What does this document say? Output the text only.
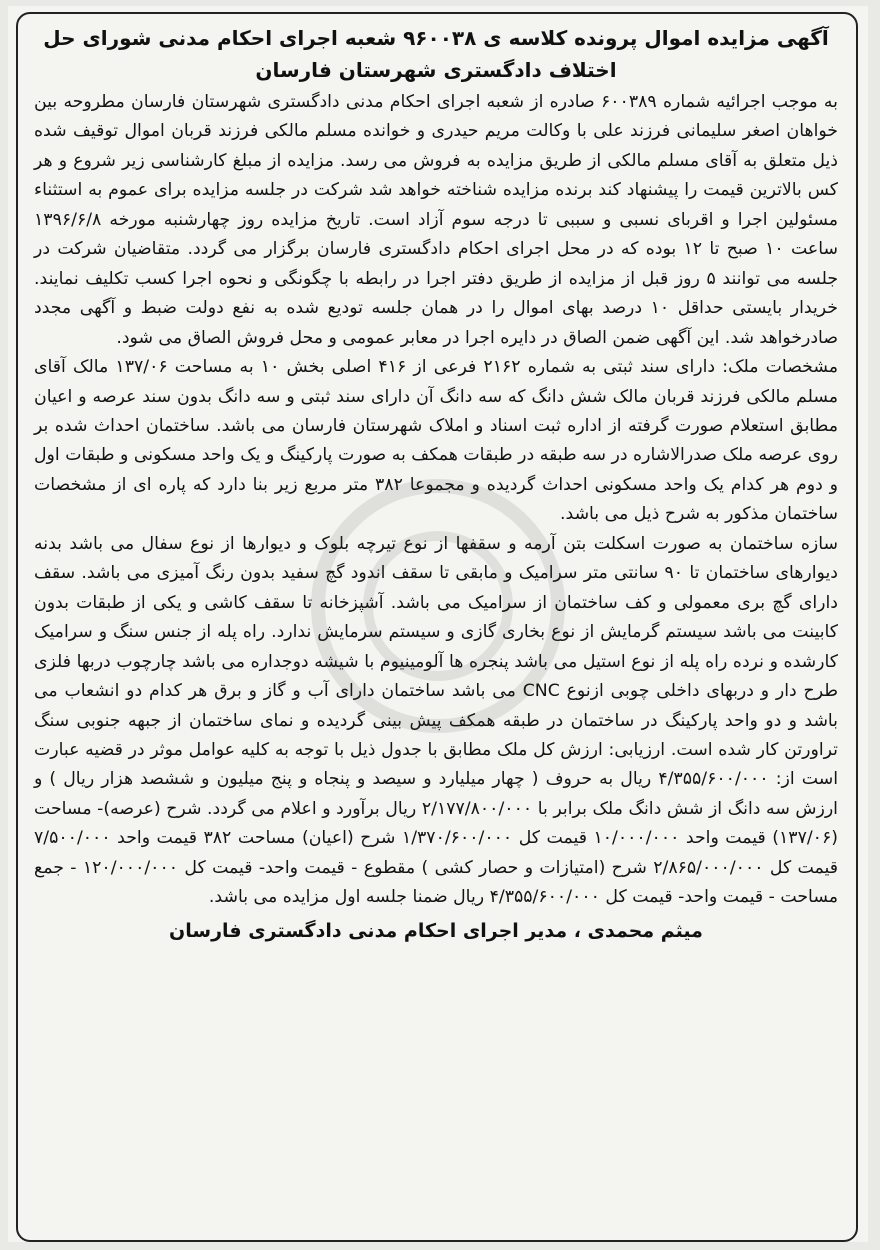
آگهی مزایده اموال پرونده کلاسه ی ۹۶۰۰۳۸ شعبه اجرای احکام مدنی شورای حل اختلاف دادگستری شهرستان فارسان

به موجب اجرائیه شماره ۶۰۰۳۸۹ صادره از شعبه اجرای احکام مدنی دادگستری شهرستان فارسان مطروحه بین خواهان اصغر سلیمانی فرزند علی با وکالت مریم حیدری و خوانده مسلم مالکی فرزند قربان اموال توقیف شده ذیل متعلق به آقای مسلم مالکی از طریق مزایده به فروش می رسد. مزایده از مبلغ کارشناسی زیر شروع و هر کس بالاترین قیمت را پیشنهاد کند برنده مزایده شناخته خواهد شد شرکت در جلسه مزایده برای عموم به استثناء مسئولین اجرا و اقربای نسبی و سببی تا درجه سوم آزاد است. تاریخ مزایده روز چهارشنبه مورخه ۱۳۹۶/۶/۸ ساعت ۱۰ صبح تا ۱۲ بوده که در محل اجرای احکام دادگستری فارسان برگزار می گردد. متقاضیان شرکت در جلسه می توانند ۵ روز قبل از مزایده از طریق دفتر اجرا در رابطه با چگونگی و نحوه اجرا کسب تکلیف نمایند. خریدار بایستی حداقل ۱۰ درصد بهای اموال را در همان جلسه تودیع شده به نفع دولت ضبط و آگهی مجدد صادرخواهد شد. این آگهی ضمن الصاق در دایره اجرا در معابر عمومی و محل فروش الصاق می شود.

مشخصات ملک: دارای سند ثبتی به شماره ۲۱۶۲ فرعی از ۴۱۶ اصلی بخش ۱۰ به مساحت ۱۳۷/۰۶ مالک آقای مسلم مالکی فرزند قربان مالک شش دانگ که سه دانگ آن دارای سند ثبتی و سه دانگ بدون سند عرصه و اعیان مطابق استعلام صورت گرفته از اداره ثبت اسناد و املاک شهرستان فارسان می باشد. ساختمان احداث شده بر روی عرصه ملک صدرالاشاره در سه طبقه در طبقات همکف به صورت پارکینگ و یک واحد مسکونی و طبقات اول و دوم هر کدام یک واحد مسکونی احداث گردیده و مجموعا ۳۸۲ متر مربع زیر بنا دارد که پاره ای از مشخصات ساختمان مذکور به شرح ذیل می باشد.

سازه ساختمان به صورت اسکلت بتن آرمه و سقفها از نوع تیرچه بلوک و دیوارها از نوع سفال می باشد بدنه دیوارهای ساختمان تا ۹۰ سانتی متر سرامیک و مابقی تا سقف اندود گچ سفید بدون رنگ آمیزی می باشد. سقف دارای گچ بری معمولی و کف ساختمان از سرامیک می باشد. آشپزخانه تا سقف کاشی و یکی از طبقات بدون کابینت می باشد سیستم گرمایش از نوع بخاری گازی و سیستم سرمایش ندارد. راه پله از جنس سنگ و سرامیک کارشده و نرده راه پله از نوع استیل می باشد پنجره ها آلومینیوم با شیشه دوجداره می باشد چارچوب دربها فلزی طرح دار و دربهای داخلی چوبی ازنوع CNC می باشد ساختمان دارای آب و گاز و برق هر کدام دو انشعاب می باشد و دو واحد پارکینگ در ساختمان در طبقه همکف پیش بینی گردیده و نمای ساختمان از جبهه جنوبی سنگ تراورتن کار شده است. ارزیابی: ارزش کل ملک مطابق با جدول ذیل با توجه به کلیه عوامل موثر در قضیه عبارت است از: ۴/۳۵۵/۶۰۰/۰۰۰ ریال به حروف ( چهار میلیارد و سیصد و پنجاه و پنج میلیون و ششصد هزار ریال ) و ارزش سه دانگ از شش دانگ ملک برابر با ۲/۱۷۷/۸۰۰/۰۰۰ ریال برآورد و اعلام می گردد. شرح (عرصه)- مساحت (۱۳۷/۰۶) قیمت واحد ۱۰/۰۰۰/۰۰۰ قیمت کل ۱/۳۷۰/۶۰۰/۰۰۰ شرح (اعیان) مساحت ۳۸۲ قیمت واحد ۷/۵۰۰/۰۰۰ قیمت کل ۲/۸۶۵/۰۰۰/۰۰۰ شرح (امتیازات و حصار کشی ) مقطوع - قیمت واحد- قیمت کل ۱۲۰/۰۰۰/۰۰۰ - جمع مساحت - قیمت واحد- قیمت کل ۴/۳۵۵/۶۰۰/۰۰۰ ریال ضمنا جلسه اول مزایده می باشد.

میثم محمدی ، مدیر اجرای احکام مدنی دادگستری فارسان
